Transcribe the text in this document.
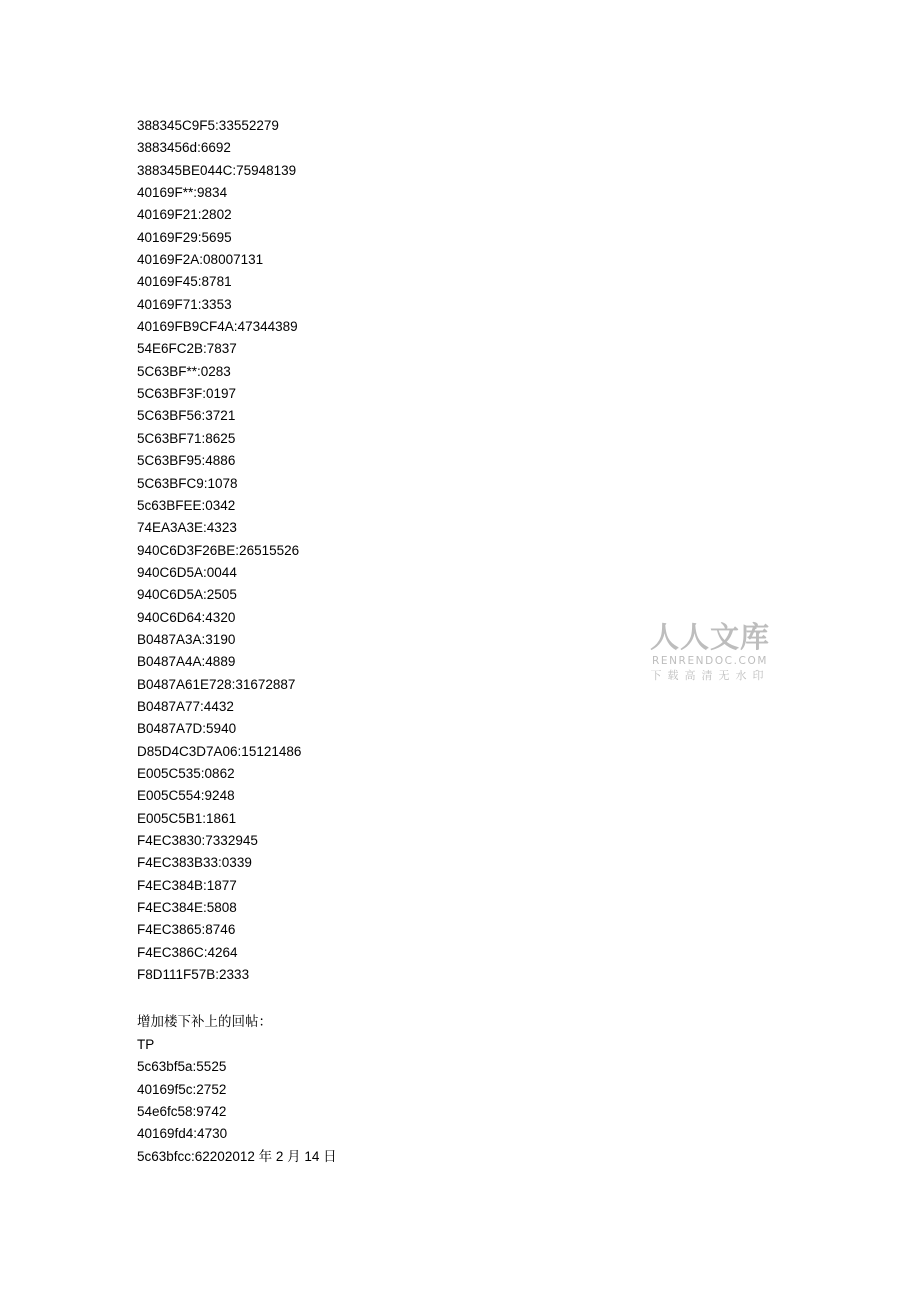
388345C9F5:33552279
3883456d:6692
388345BE044C:75948139
40169F**:9834
40169F21:2802
40169F29:5695
40169F2A:08007131
40169F45:8781
40169F71:3353
40169FB9CF4A:47344389
54E6FC2B:7837
5C63BF**:0283
5C63BF3F:0197
5C63BF56:3721
5C63BF71:8625
5C63BF95:4886
5C63BFC9:1078
5c63BFEE:0342
74EA3A3E:4323
940C6D3F26BE:26515526
940C6D5A:0044
940C6D5A:2505
940C6D64:4320
B0487A3A:3190
B0487A4A:4889
B0487A61E728:31672887
B0487A77:4432
B0487A7D:5940
D85D4C3D7A06:15121486
E005C535:0862
E005C554:9248
E005C5B1:1861
F4EC3830:7332945
F4EC383B33:0339
F4EC384B:1877
F4EC384E:5808
F4EC3865:8746
F4EC386C:4264
F8D111F57B:2333
增加楼下补上的回帖：
TP
5c63bf5a:5525
40169f5c:2752
54e6fc58:9742
40169fd4:4730
5c63bfcc:62202012 年 2 月 14 日
人人文库
RENRENDOC.COM
下载高清无水印
